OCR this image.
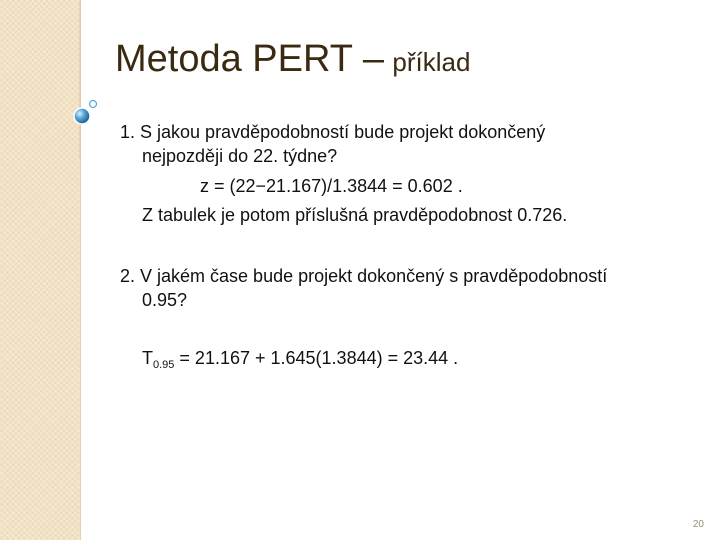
Metoda PERT – příklad
1. S jakou pravděpodobností bude projekt dokončený
nejpozději do 22. týdne?
z = (22−21.167)/1.3844 = 0.602 .
Z tabulek je potom příslušná pravděpodobnost 0.726.
2. V jakém čase bude projekt dokončený s pravděpodobností
0.95?
$T_{0.95} = 21.167 + 1.645(1.3844) = 23.44$ .
20
